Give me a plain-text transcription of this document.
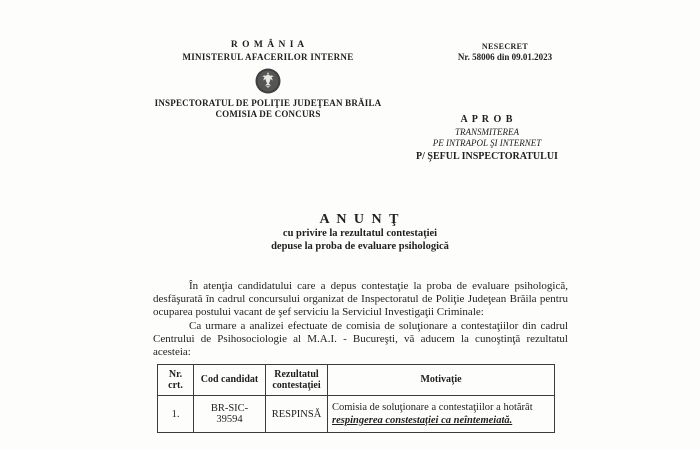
R O M Â N I A
MINISTERUL AFACERILOR INTERNE
INSPECTORATUL DE POLIŢIE JUDEŢEAN BRĂILA
COMISIA DE CONCURS
NESECRET
Nr. 58006 din 09.01.2023
A P R O B
TRANSMITEREA
PE INTRAPOL ŞI INTERNET
P/ ŞEFUL INSPECTORATULUI
A N U N Ţ
cu privire la rezultatul contestaţiei
depuse la proba de evaluare psihologică

În atenţia candidatului care a depus contestaţie la proba de evaluare psihologică, desfăşurată în cadrul concursului organizat de Inspectoratul de Poliţie Judeţean Brăila pentru ocuparea postului vacant de şef serviciu la Serviciul Investigaţii Criminale:

Ca urmare a analizei efectuate de comisia de soluţionare a contestaţiilor din cadrul Centrului de Psihosociologie al M.A.I. - Bucureşti, vă aducem la cunoştinţă rezultatul acesteia:

Nr. crt.	Cod candidat	Rezultatul contestaţiei	Motivaţie
1.	BR-SIC-39594	RESPINSĂ	Comisia de soluţionare a contestaţiilor a hotărât
respingerea constestaţiei ca neîntemeiată.
